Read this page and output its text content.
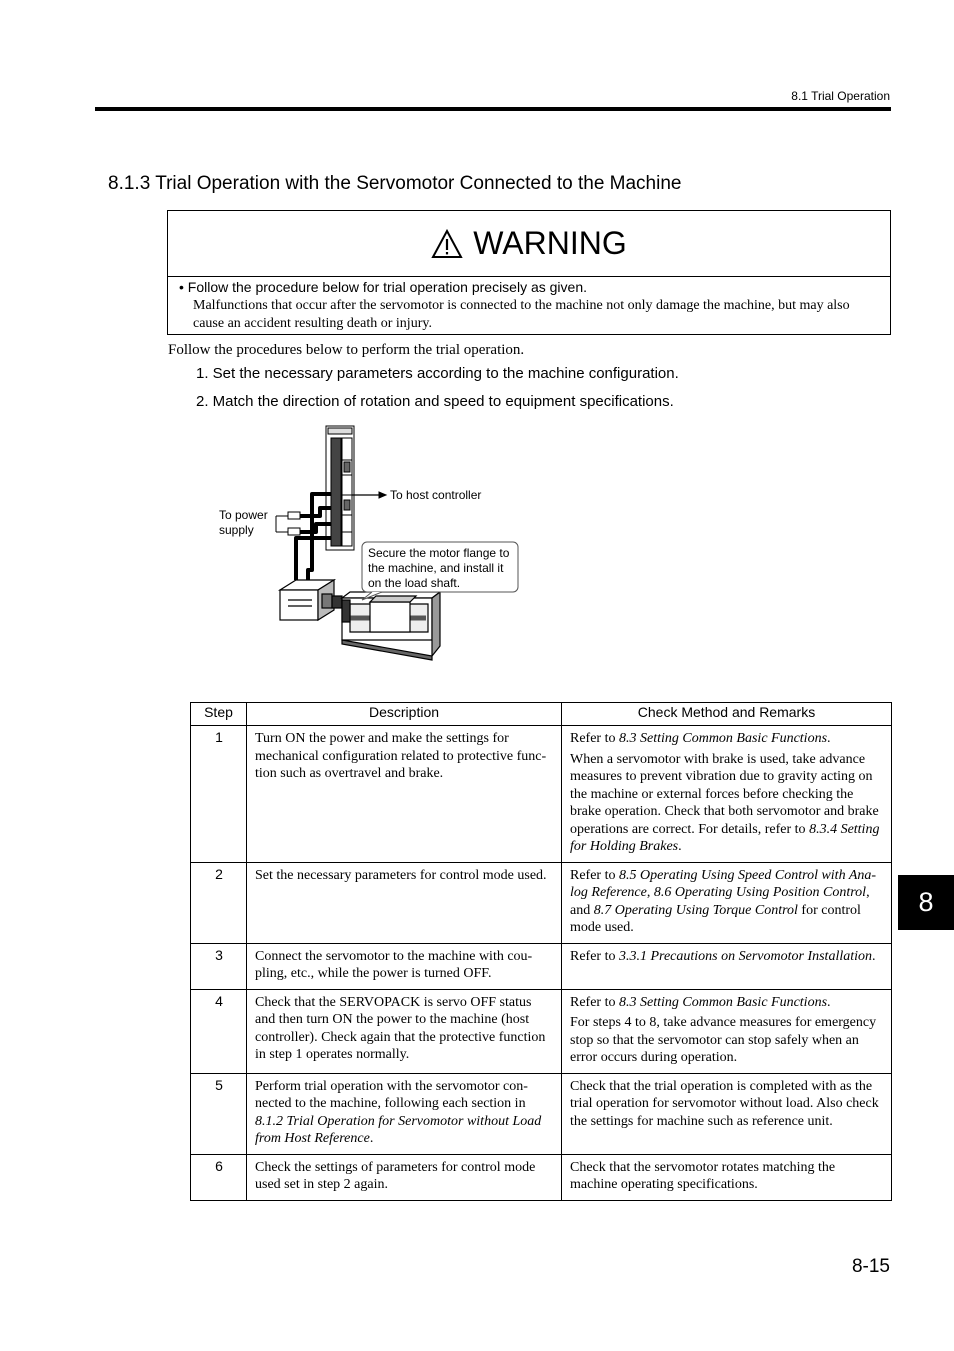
8.1 Trial Operation
8.1.3 Trial Operation with the Servomotor Connected to the Machine
WARNING
• Follow the procedure below for trial operation precisely as given.
Malfunctions that occur after the servomotor is connected to the machine not only damage the machine, but may also cause an accident resulting death or injury.
Follow the procedures below to perform the trial operation.
1. Set the necessary parameters according to the machine configuration.
2. Match the direction of rotation and speed to equipment specifications.
To host controller
To power
supply
Secure the motor flange to
the machine, and install it
on the load shaft.
Step	Description	Check Method and Remarks
1	Turn ON the power and make the settings for mechanical configuration related to protective func-tion such as overtravel and brake.	Refer to 8.3 Setting Common Basic Functions.

When a servomotor with brake is used, take advance measures to prevent vibration due to gravity acting on the machine or external forces before checking the brake operation. Check that both servomotor and brake operations are correct. For details, refer to 8.3.4 Setting for Holding Brakes.

2	Set the necessary parameters for control mode used.	Refer to 8.5 Operating Using Speed Control with Ana-log Reference, 8.6 Operating Using Position Control, and 8.7 Operating Using Torque Control for control mode used.

3	Connect the servomotor to the machine with cou-pling, etc., while the power is turned OFF.	Refer to 3.3.1 Precautions on Servomotor Installation.

4	Check that the SERVOPACK is servo OFF status and then turn ON the power to the machine (host controller). Check again that the protective function in step 1 operates normally.	Refer to 8.3 Setting Common Basic Functions.

For steps 4 to 8, take advance measures for emergency stop so that the servomotor can stop safely when an error occurs during operation.

5	Perform trial operation with the servomotor con-nected to the machine, following each section in 8.1.2 Trial Operation for Servomotor without Load from Host Reference.	Check that the trial operation is completed with as the trial operation for servomotor without load. Also check the settings for machine such as reference unit.

6	Check the settings of parameters for control mode used set in step 2 again.	Check that the servomotor rotates matching the machine operating specifications.

8
8-15
